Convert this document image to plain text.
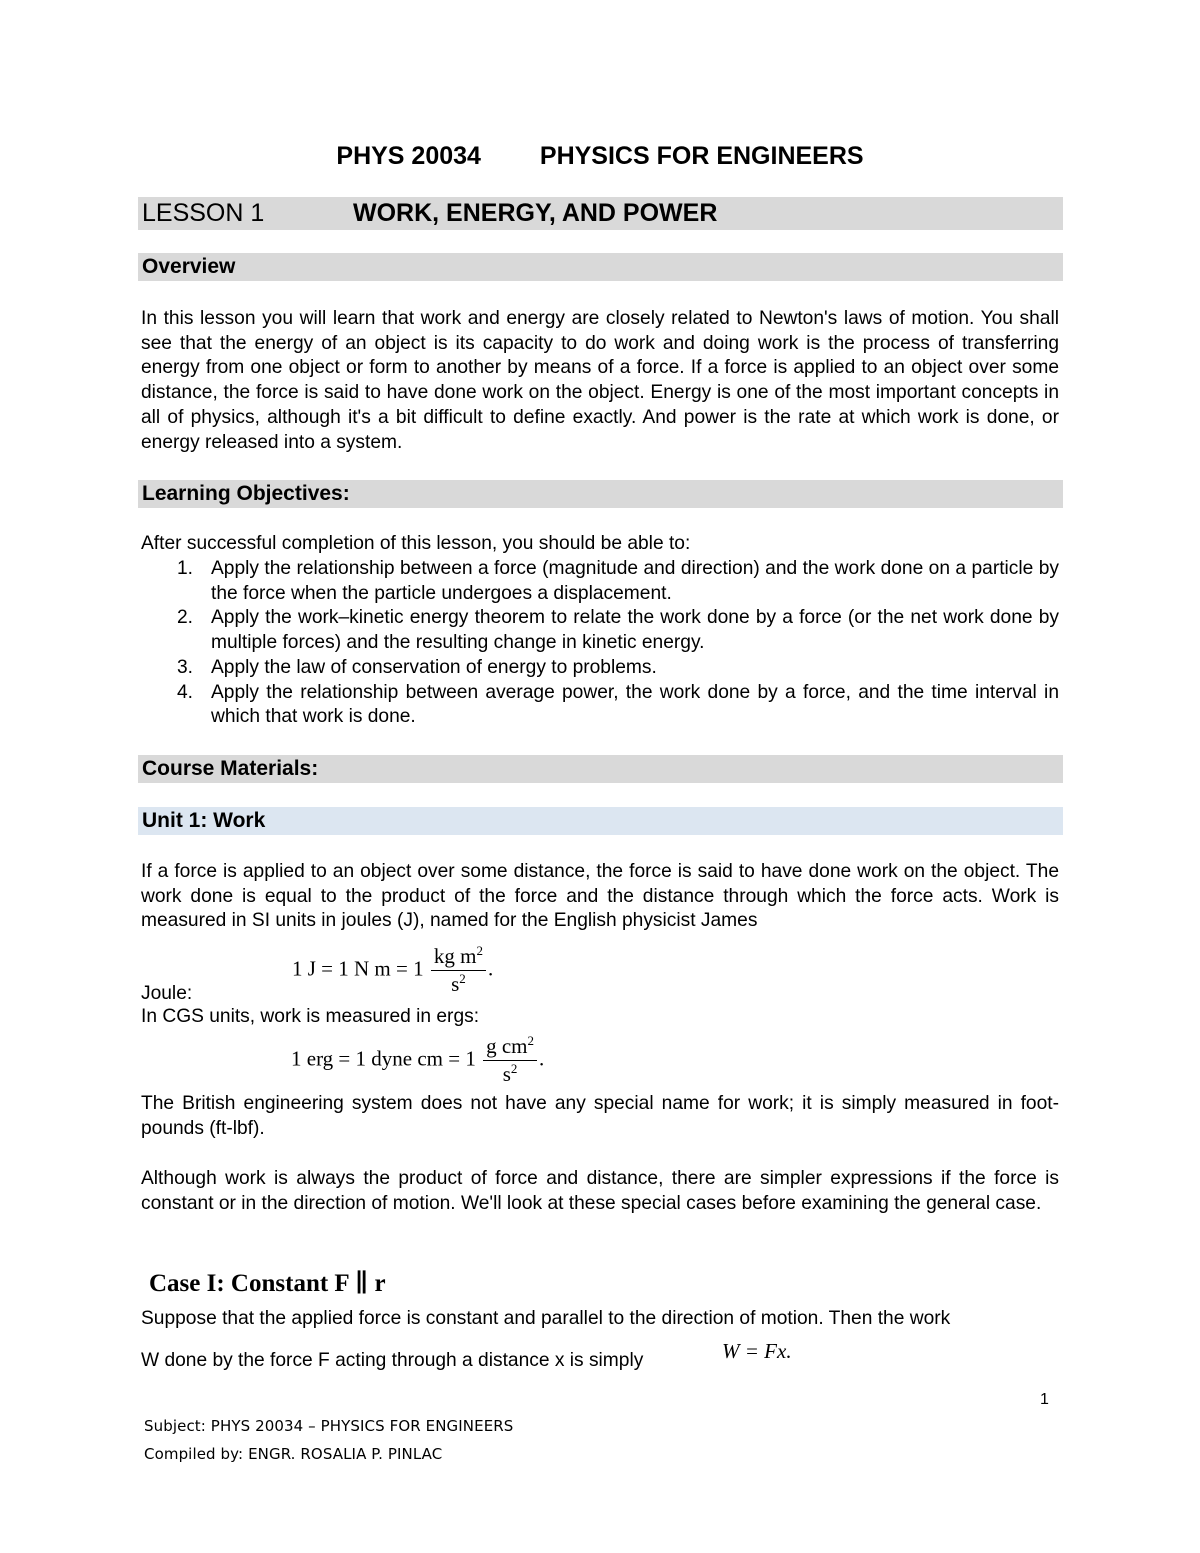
PHYS 20034 PHYSICS FOR ENGINEERS
LESSON 1	WORK, ENERGY, AND POWER
Overview
In this lesson you will learn that work and energy are closely related to Newton's laws of motion. You shall see that the energy of an object is its capacity to do work and doing work is the process of transferring energy from one object or form to another by means of a force. If a force is applied to an object over some distance, the force is said to have done work on the object. Energy is one of the most important concepts in all of physics, although it's a bit difficult to define exactly. And power is the rate at which work is done, or energy released into a system.
Learning Objectives:
After successful completion of this lesson, you should be able to:
1. Apply the relationship between a force (magnitude and direction) and the work done on a particle by the force when the particle undergoes a displacement.
2. Apply the work–kinetic energy theorem to relate the work done by a force (or the net work done by multiple forces) and the resulting change in kinetic energy.
3. Apply the law of conservation of energy to problems.
4. Apply the relationship between average power, the work done by a force, and the time interval in which that work is done.
Course Materials:
Unit 1: Work
If a force is applied to an object over some distance, the force is said to have done work on the object. The work done is equal to the product of the force and the distance through which the force acts. Work is measured in SI units in joules (J), named for the English physicist James
1 J = 1 N $m = 1 \frac{kg m^2}{s^2}$ .
Joule:
In CGS units, work is measured in ergs:
1 erg = 1 dyne cm = $1 \frac{g cm^2}{s^2}$ .
The British engineering system does not have any special name for work; it is simply measured in foot-pounds (ft-lbf).
Although work is always the product of force and distance, there are simpler expressions if the force is constant or in the direction of motion. We'll look at these special cases before examining the general case.
Case I: Constant F ∥ r
Suppose that the applied force is constant and parallel to the direction of motion. Then the work
W done by the force F acting through a distance x is simply	W = Fx.
1
Subject: PHYS 20034 – PHYSICS FOR ENGINEERS
Compiled by: ENGR. ROSALIA P. PINLAC
